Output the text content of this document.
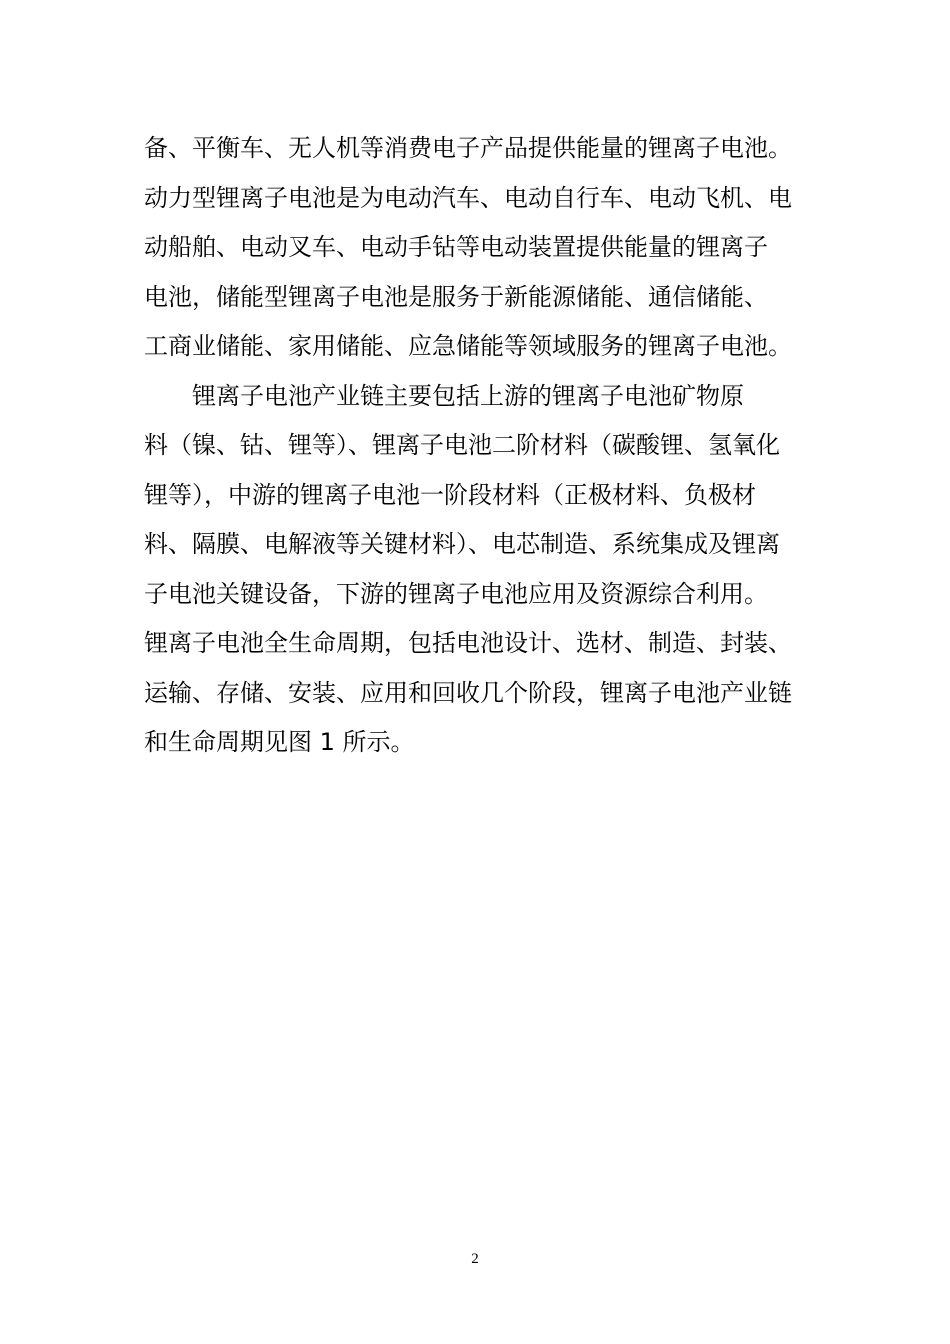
备、平衡车、无人机等消费电子产品提供能量的锂离子电池。
动力型锂离子电池是为电动汽车、电动自行车、电动飞机、电
动船舶、电动叉车、电动手钻等电动装置提供能量的锂离子
电池，储能型锂离子电池是服务于新能源储能、通信储能、
工商业储能、家用储能、应急储能等领域服务的锂离子电池。
锂离子电池产业链主要包括上游的锂离子电池矿物原
料（镍、钴、锂等）、锂离子电池二阶材料（碳酸锂、氢氧化
锂等），中游的锂离子电池一阶段材料（正极材料、负极材
料、隔膜、电解液等关键材料）、电芯制造、系统集成及锂离
子电池关键设备，下游的锂离子电池应用及资源综合利用。
锂离子电池全生命周期，包括电池设计、选材、制造、封装、
运输、存储、安装、应用和回收几个阶段，锂离子电池产业链
和生命周期见图 1 所示。
2
